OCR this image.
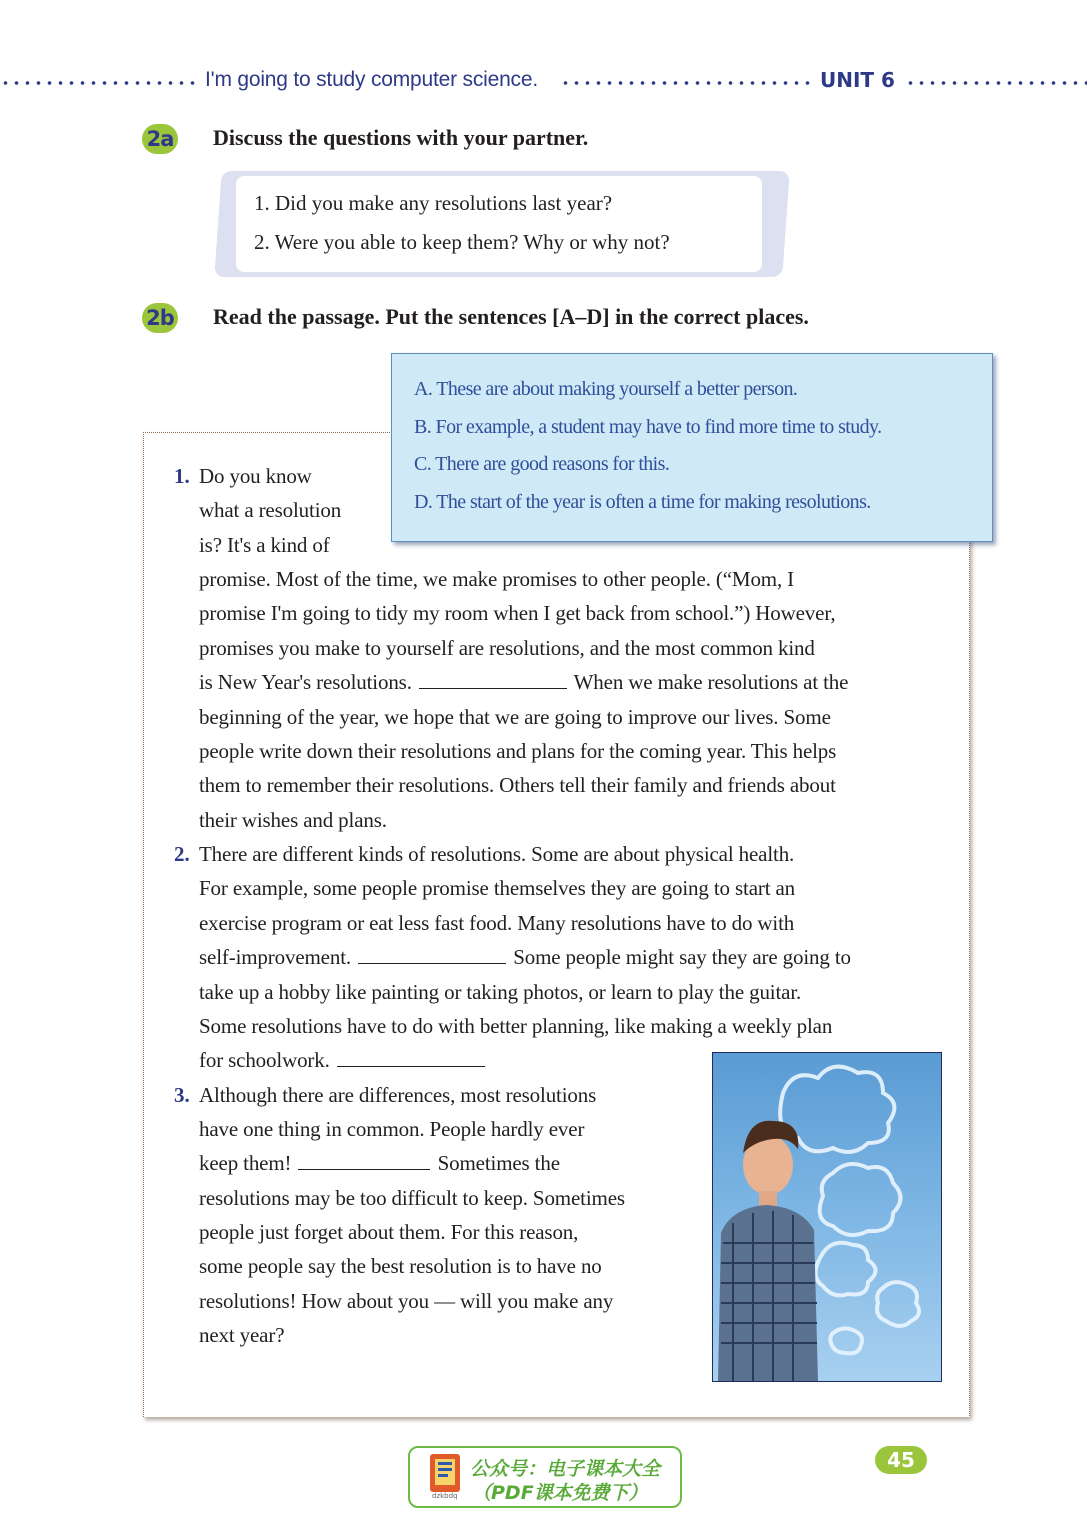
I'm going to study computer science.	UNIT 6
2a Discuss the questions with your partner.
1. Did you make any resolutions last year?
2. Were you able to keep them? Why or why not?
2b Read the passage. Put the sentences [A–D] in the correct places.
A. These are about making yourself a better person.
B. For example, a student may have to find more time to study.
C. There are good reasons for this.
D. The start of the year is often a time for making resolutions.
1. Do you know
what a resolution
is? It's a kind of
promise. Most of the time, we make promises to other people. (“Mom, I
promise I'm going to tidy my room when I get back from school.”) However,
promises you make to yourself are resolutions, and the most common kind
is New Year's resolutions.	When we make resolutions at the
beginning of the year, we hope that we are going to improve our lives. Some
people write down their resolutions and plans for the coming year. This helps
them to remember their resolutions. Others tell their family and friends about
their wishes and plans.
2. There are different kinds of resolutions. Some are about physical health.
For example, some people promise themselves they are going to start an
exercise program or eat less fast food. Many resolutions have to do with
self-improvement.	Some people might say they are going to
take up a hobby like painting or taking photos, or learn to play the guitar.
Some resolutions have to do with better planning, like making a weekly plan
for schoolwork.
3. Although there are differences, most resolutions
have one thing in common. People hardly ever
keep them!	Sometimes the
resolutions may be too difficult to keep. Sometimes
people just forget about them. For this reason,
some people say the best resolution is to have no
resolutions! How about you — will you make any
next year?
dzkbdq
公众号：电子课本大全
（PDF课本免费下）
45
